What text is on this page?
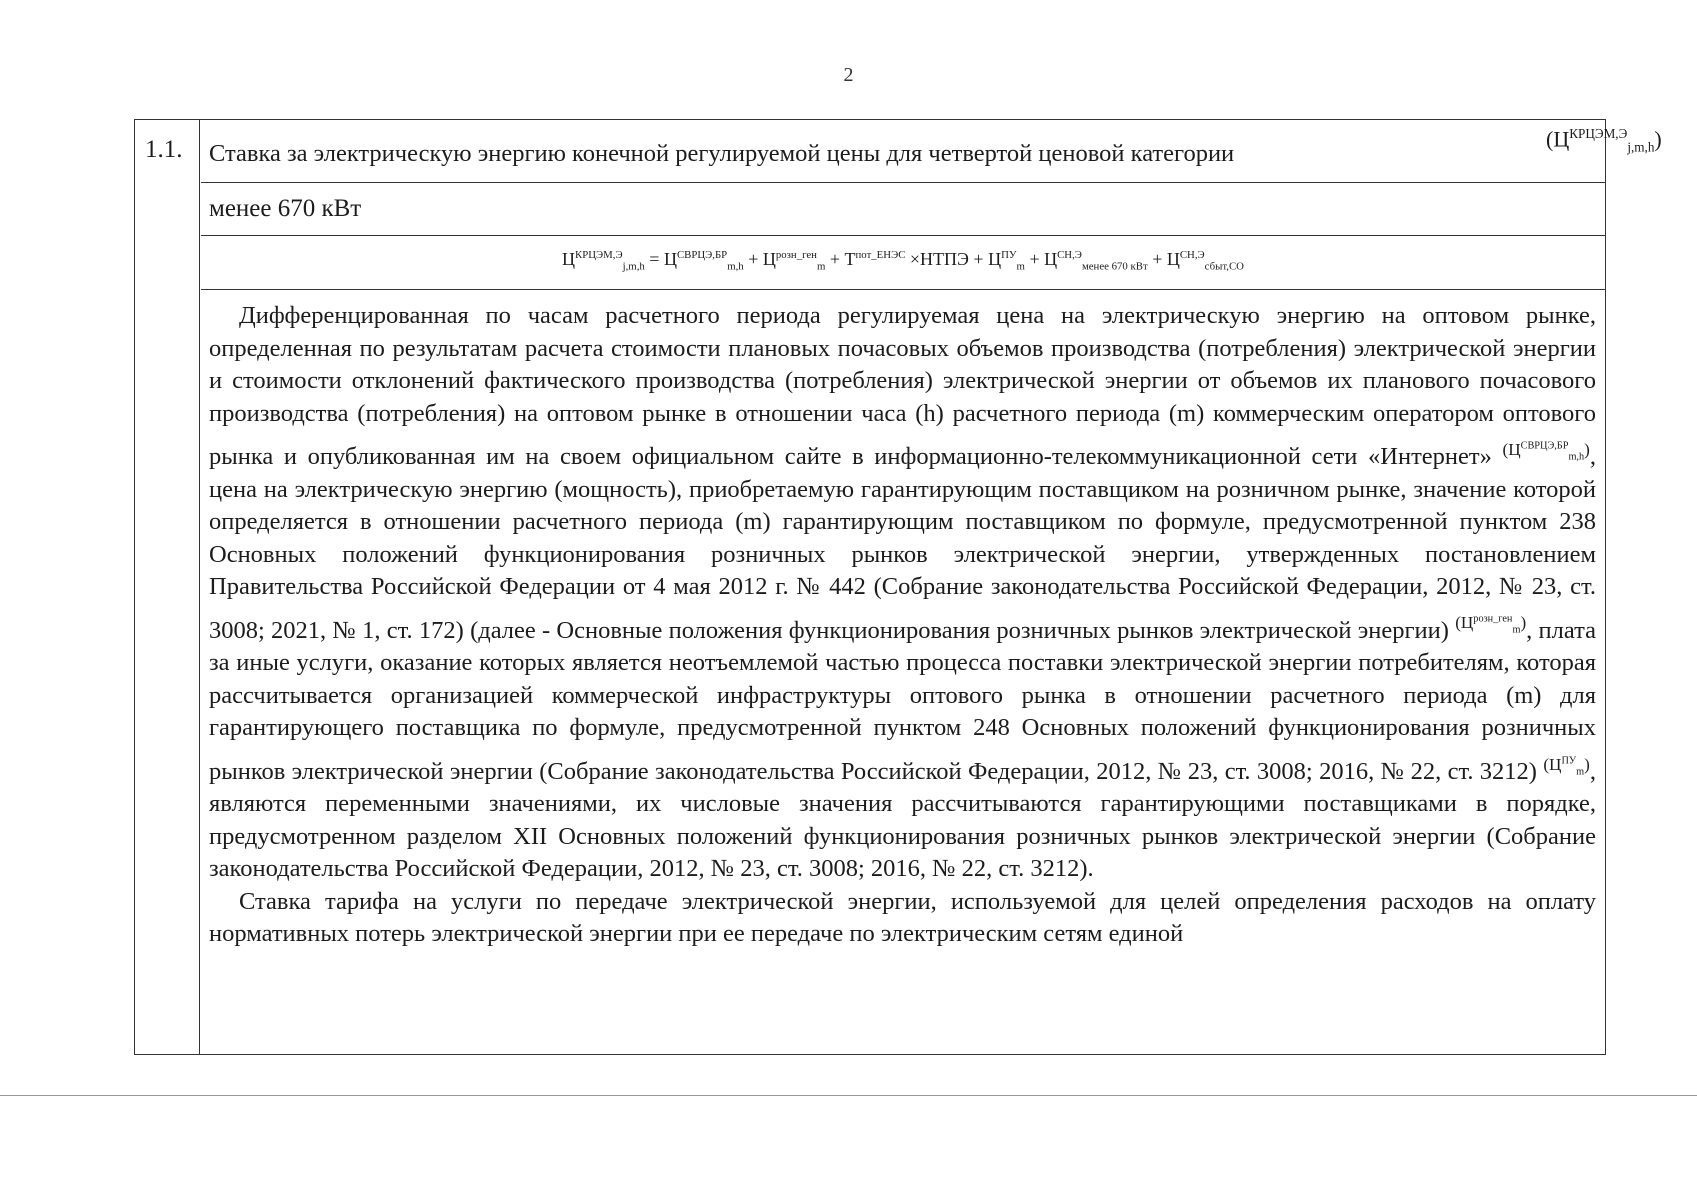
2
1.1. Ставка за электрическую энергию конечной регулируемой цены для четвертой ценовой категории
$(Ц^{КРЦЭМ,Э}_{j,m,h})$
менее 670 кВт
$Ц^{КРЦЭМ,Э}_{j,m,h} = Ц^{СВРЦЭ,БР}_{m,h} + Ц^{розн\_ген}_m + Т^{пот\_ЕНЭС}$ ×НТПЭ + $Ц^{ПУ}_m + Ц^{СН,Э}_{менее 670 кВт} + Ц^{СН,Э}_{сбыт,СО}$

Дифференцированная по часам расчетного периода регулируемая цена на электрическую энергию на оптовом рынке, определенная по результатам расчета стоимости плановых почасовых объемов производства (потребления) электрической энергии и стоимости отклонений фактического производства (потребления) электрической энергии от объемов их планового почасового производства (потребления) на оптовом рынке в отношении часа (h) расчетного периода (m) коммерческим оператором оптового рынка и опубликованная им на своем официальном сайте в информационно-телекоммуникационной сети «Интернет» $^{(Ц^{СВРЦЭ,БР}_{m,h})}$, цена на электрическую энергию (мощность), приобретаемую гарантирующим поставщиком на розничном рынке, значение которой определяется в отношении расчетного периода (m) гарантирующим поставщиком по формуле, предусмотренной пунктом 238 Основных положений функционирования розничных рынков электрической энергии, утвержденных постановлением Правительства Российской Федерации от 4 мая 2012 г. № 442 (Собрание законодательства Российской Федерации, 2012, № 23, ст. 3008; 2021, № 1, ст. 172) (далее - Основные положения функционирования розничных рынков электрической энергии) $^{(Ц^{розн\_ген}_m)}$, плата за иные услуги, оказание которых является неотъемлемой частью процесса поставки электрической энергии потребителям, которая рассчитывается организацией коммерческой инфраструктуры оптового рынка в отношении расчетного периода (m) для гарантирующего поставщика по формуле, предусмотренной пунктом 248 Основных положений функционирования розничных рынков электрической энергии (Собрание законодательства Российской Федерации, 2012, № 23, ст. 3008; 2016, № 22, ст. 3212) $^{(Ц^{ПУ}_m)}$, являются переменными значениями, их числовые значения рассчитываются гарантирующими поставщиками в порядке, предусмотренном разделом XII Основных положений функционирования розничных рынков электрической энергии (Собрание законодательства Российской Федерации, 2012, № 23, ст. 3008; 2016, № 22, ст. 3212).

Ставка тарифа на услуги по передаче электрической энергии, используемой для целей определения расходов на оплату нормативных потерь электрической энергии при ее передаче по электрическим сетям единой
